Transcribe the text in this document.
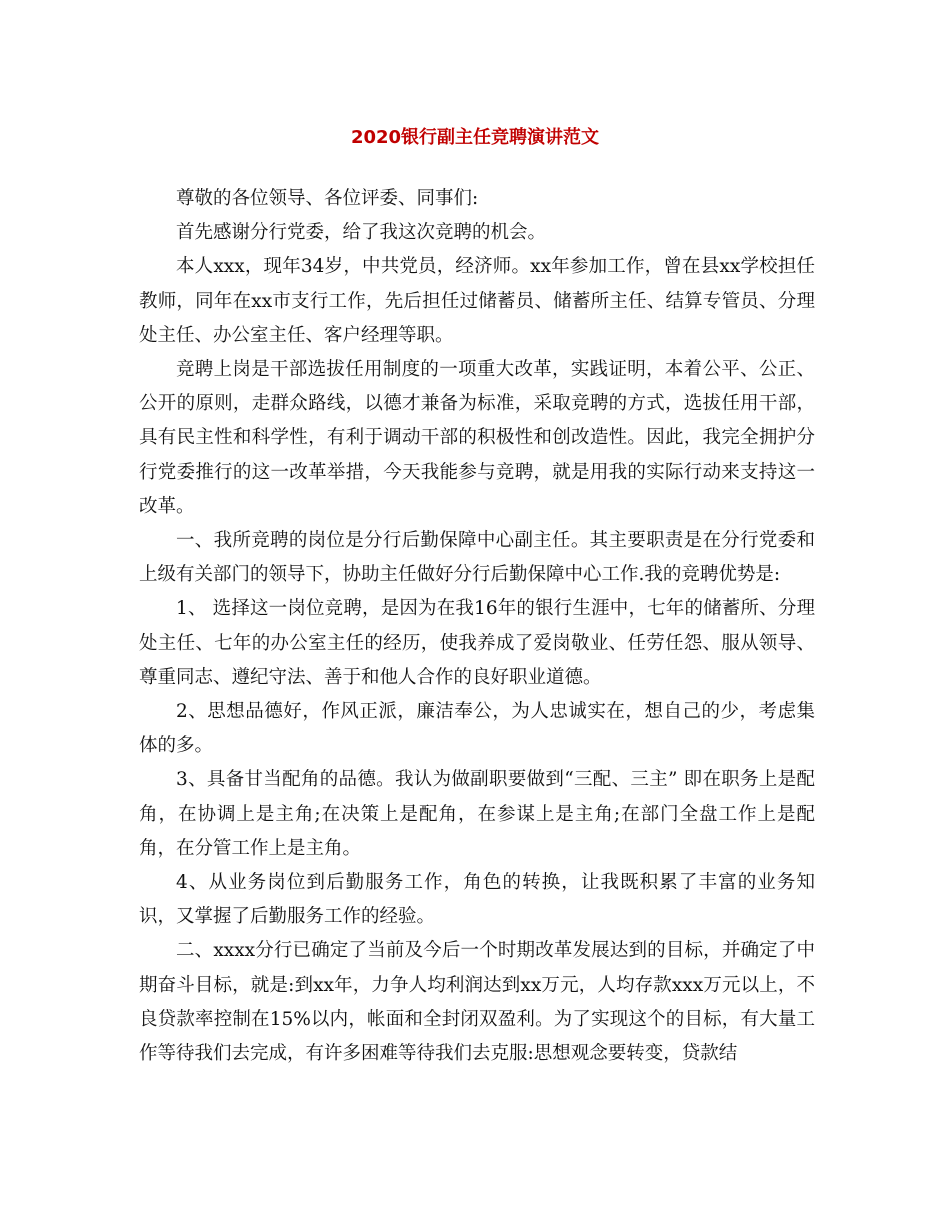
2020银行副主任竞聘演讲范文

尊敬的各位领导、各位评委、同事们:

首先感谢分行党委，给了我这次竞聘的机会。

本人xxx，现年34岁，中共党员，经济师。xx年参加工作，曾在县xx学校担任教师，同年在xx市支行工作，先后担任过储蓄员、储蓄所主任、结算专管员、分理处主任、办公室主任、客户经理等职。

竞聘上岗是干部选拔任用制度的一项重大改革，实践证明，本着公平、公正、公开的原则，走群众路线，以德才兼备为标准，采取竞聘的方式，选拔任用干部，具有民主性和科学性，有利于调动干部的积极性和创改造性。因此，我完全拥护分行党委推行的这一改革举措，今天我能参与竞聘，就是用我的实际行动来支持这一改革。

一、我所竞聘的岗位是分行后勤保障中心副主任。其主要职责是在分行党委和上级有关部门的领导下，协助主任做好分行后勤保障中心工作.我的竞聘优势是:

1、 选择这一岗位竞聘，是因为在我16年的银行生涯中，七年的储蓄所、分理处主任、七年的办公室主任的经历，使我养成了爱岗敬业、任劳任怨、服从领导、尊重同志、遵纪守法、善于和他人合作的良好职业道德。

2、思想品德好，作风正派，廉洁奉公，为人忠诚实在，想自己的少，考虑集体的多。

3、具备甘当配角的品德。我认为做副职要做到“三配、三主” 即在职务上是配角，在协调上是主角;在决策上是配角，在参谋上是主角;在部门全盘工作上是配角，在分管工作上是主角。

4、从业务岗位到后勤服务工作，角色的转换，让我既积累了丰富的业务知识，又掌握了后勤服务工作的经验。

二、xxxx分行已确定了当前及今后一个时期改革发展达到的目标，并确定了中期奋斗目标，就是:到xx年，力争人均利润达到xx万元，人均存款xxx万元以上，不良贷款率控制在15%以内，帐面和全封闭双盈利。为了实现这个的目标，有大量工作等待我们去完成，有许多困难等待我们去克服:思想观念要转变，贷款结
